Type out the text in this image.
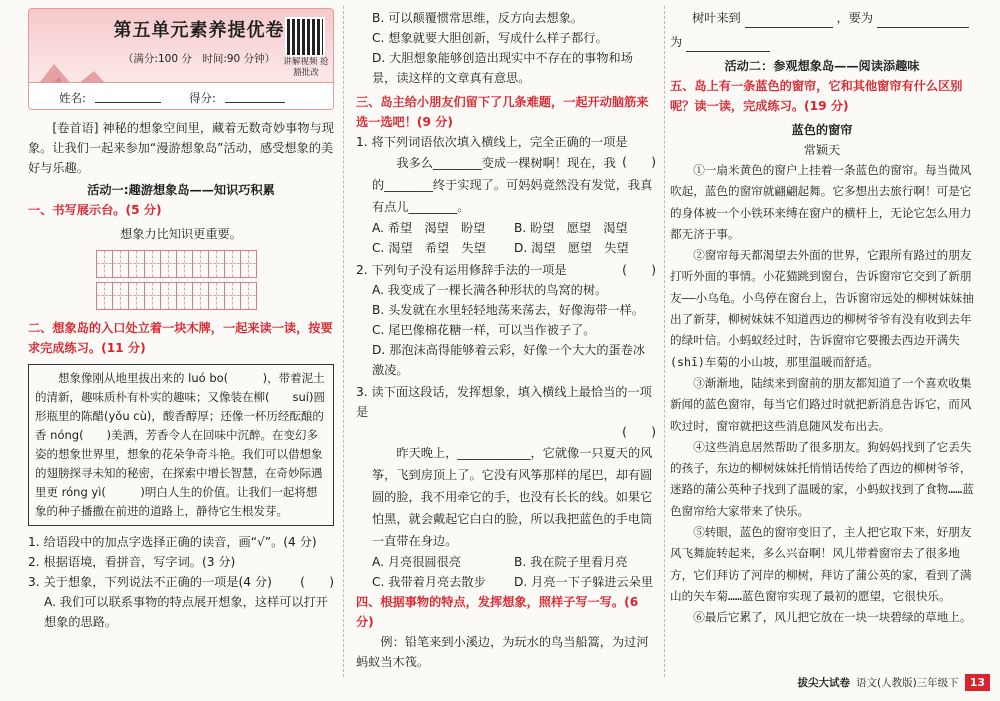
第五单元素养提优卷
（满分:100 分　时间:90 分钟） 讲解视频 抢豁批改
姓名:	得分:

[卷首语] 神秘的想象空间里，藏着无数奇妙事物与现象。让我们一起来参加“漫游想象岛”活动，感受想象的美好与乐趣。

活动一:趣游想象岛——知识巧积累

一、书写展示台。(5 分)

想象力比知识更重要。

二、想象岛的入口处立着一块木牌，一起来读一读，按要求完成练习。(11 分)

想象像刚从地里拔出来的 luó bo(　　　)，带着泥土的清新，趣味质朴有朴实的趣味；又像装在柳(　　suí)圆形瓶里的陈醋(yǒu cù)，酸香醇厚；还像一杯历经酝酿的香 nóng(　　)美酒，芳香令人在回味中沉醉。在变幻多姿的想象世界里，想象的花朵争奇斗艳。我们可以借想象的翅膀探寻未知的秘密，在探索中增长智慧，在奇妙际遇里更 róng yì(　　　)明白人生的价值。让我们一起将想象的种子播撒在前进的道路上，静待它生根发芽。

1. 给语段中的加点字选择正确的读音，画“√”。(4 分)

2. 根据语境，看拼音，写字词。(3 分)

3. 关于想象，下列说法不正确的一项是(4 分) (　　)

A. 我们可以联系事物的特点展开想象，这样可以打开想象的思路。

B. 可以颠覆惯常思维，反方向去想象。

C. 想象就要大胆创新，写成什么样子都行。

D. 大胆想象能够创造出现实中不存在的事物和场景，读这样的文章真有意思。

三、岛主给小朋友们留下了几条难题，一起开动脑筋来选一选吧！(9 分)

1. 将下列词语依次填入横线上，完全正确的一项是
(　　)

我多么________变成一棵树啊！现在，我的________终于实现了。可妈妈竟然没有发觉，我真有点儿________。

A. 希望　渴望　盼望	B. 盼望　愿望　渴望
C. 渴望　希望　失望	D. 渴望　愿望　失望

2. 下列句子没有运用修辞手法的一项是	(　　)

A. 我变成了一棵长满各种形状的鸟窝的树。

B. 头发就在水里轻轻地荡来荡去，好像海带一样。

C. 尾巴像棉花糖一样，可以当作被子了。

D. 那泡沫高得能够着云彩，好像一个大大的蛋卷冰激凌。

3. 读下面这段话，发挥想象，填入横线上最恰当的一项是

(　　)

昨天晚上，____________，它就像一只夏天的风筝，飞到房顶上了。它没有风筝那样的尾巴，却有圆圆的脸，我不用牵它的手，也没有长长的线。如果它怕黑，就会戴起它白白的脸，所以我把蓝色的手电筒一直带在身边。

A. 月亮很圆很亮	B. 我在院子里看月亮
C. 我带着月亮去散步	D. 月亮一下子躲进云朵里

四、根据事物的特点，发挥想象，照样子写一写。(6 分)

例：铅笔来到小溪边，为玩水的鸟当船篙，为过河蚂蚁当木筏。

树叶来到	，要为

为

活动二：参观想象岛——阅读添趣味

五、岛上有一条蓝色的窗帘，它和其他窗帘有什么区别呢？读一读，完成练习。(19 分)

蓝色的窗帘

常颖天

①一扇米黄色的窗户上挂着一条蓝色的窗帘。每当微风吹起，蓝色的窗帘就翩翩起舞。它多想出去旅行啊！可是它的身体被一个小铁环来缚在窗户的横杆上，无论它怎么用力都无济于事。

②窗帘每天都渴望去外面的世界，它跟所有路过的朋友打听外面的事情。小花猫跳到窗台，告诉窗帘它交到了新朋友——小乌龟。小鸟停在窗台上，告诉窗帘远处的柳树妹妹抽出了新芽，柳树妹妹不知道西边的柳树爷爷有没有收到去年的绿叶信。小蚂蚁经过时，告诉窗帘它要搬去西边开满失(shī)车菊的小山坡，那里温暖而舒适。

③渐渐地，陆续来到窗前的朋友都知道了一个喜欢收集新闻的蓝色窗帘，每当它们路过时就把新消息告诉它，而风吹过时，窗帘就把这些消息随风发布出去。

④这些消息居然帮助了很多朋友。狗妈妈找到了它丢失的孩子，东边的柳树妹妹托悄悄话传给了西边的柳树爷爷，迷路的蒲公英种子找到了温暖的家，小蚂蚁找到了食物……蓝色窗帘给大家带来了快乐。

⑤转眼，蓝色的窗帘变旧了，主人把它取下来，好朋友风飞舞旋转起来，多么兴奋啊！风儿带着窗帘去了很多地方，它们拜访了河岸的柳树，拜访了蒲公英的家，看到了满山的矢车菊……蓝色窗帘实现了最初的愿望，它很快乐。

⑥最后它累了，风儿把它放在一块一块碧绿的草地上。

拔尖大试卷 语文(人教版)三年级下	13
